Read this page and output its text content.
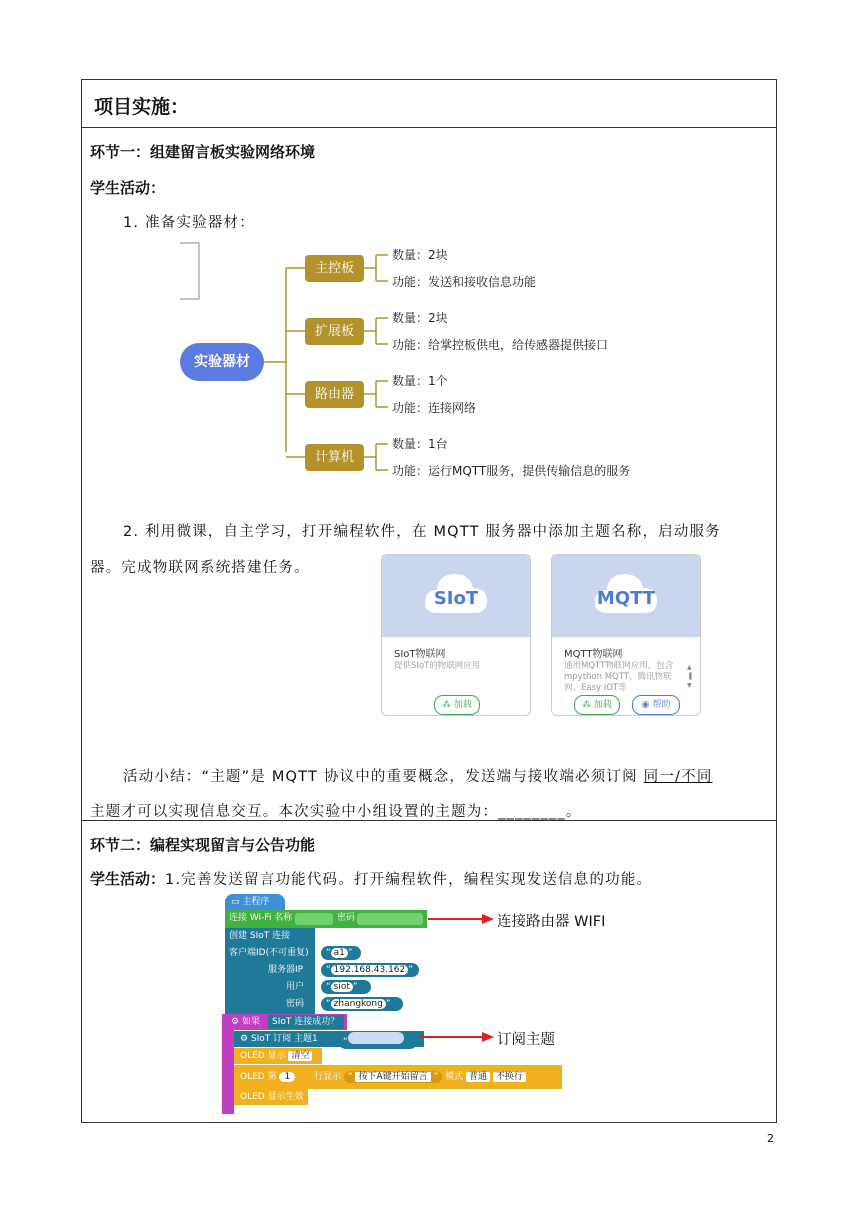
项目实施：
环节一：组建留言板实验网络环境
学生活动：
1. 准备实验器材：
实验器材
主控板
扩展板
路由器
计算机
数量：2块
功能：发送和接收信息功能
数量：2块
功能：给掌控板供电，给传感器提供接口
数量：1个
功能：连接网络
数量：1台
功能：运行MQTT服务，提供传输信息的服务
2. 利用微课，自主学习，打开编程软件，在 MQTT 服务器中添加主题名称，启动服务
器。完成物联网系统搭建任务。
SIoT
SIoT物联网
提供SIoT的物联网应用
⁂ 加载
MQTT
MQTT物联网
通用MQTT物联网应用，包含mpython MQTT、腾讯物联网、Easy IOT等
▲
▐
▼
⁂ 加载	◉ 帮助
活动小结：“主题”是 MQTT 协议中的重要概念，发送端与接收端必须订阅 同一/不同
主题才可以实现信息交互。本次实验中小组设置的主题为：________。
环节二：编程实现留言与公告功能
学生活动：1.完善发送留言功能代码。打开编程软件，编程实现发送信息的功能。
▭ 主程序
连接 Wi-Fi 名称	密码
创建 SIoT 连接
客户端ID(不可重复)	“ a1 ”
服务器IP	“ 192.168.43.162 ”
用户	“ siot ”
密码	“ zhangkong ”
⚙ 如果	SIoT 连接成功？
⚙ SIoT 订阅 主题1	“
OLED 显示 清空
OLED 第 1	行显示 “ 按下A键开始留言 ” 模式 普通 不换行
OLED 显示生效
连接路由器 WIFI
订阅主题
2
